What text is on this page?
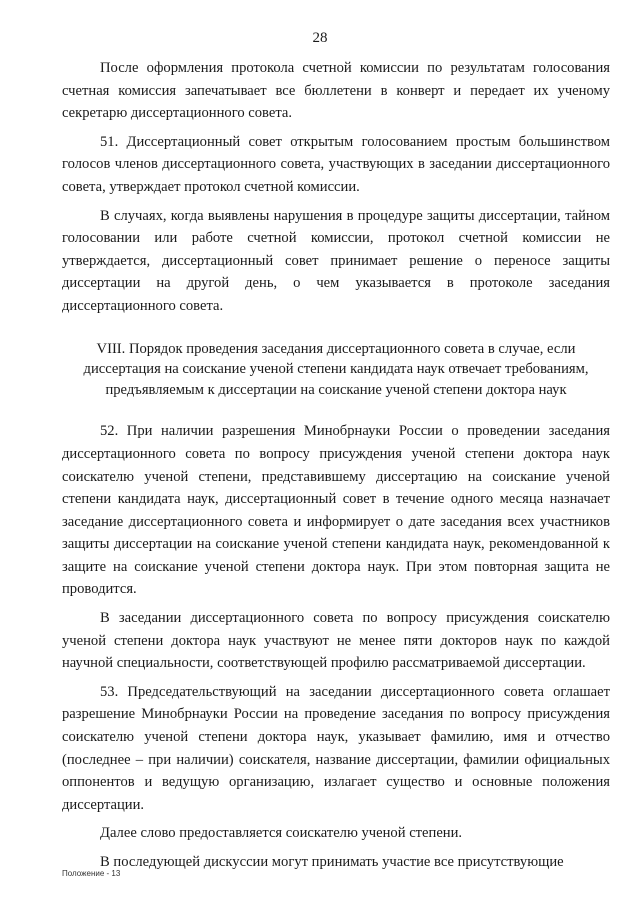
28

После оформления протокола счетной комиссии по результатам голосования счетная комиссия запечатывает все бюллетени в конверт и передает их ученому секретарю диссертационного совета.

51. Диссертационный совет открытым голосованием простым большинством голосов членов диссертационного совета, участвующих в заседании диссертационного совета, утверждает протокол счетной комиссии.

В случаях, когда выявлены нарушения в процедуре защиты диссертации, тайном голосовании или работе счетной комиссии, протокол счетной комиссии не утверждается, диссертационный совет принимает решение о переносе защиты диссертации на другой день, о чем указывается в протоколе заседания диссертационного совета.

VIII. Порядок проведения заседания диссертационного совета в случае, если
диссертация на соискание ученой степени кандидата наук отвечает требованиям,
предъявляемым к диссертации на соискание ученой степени доктора наук

52. При наличии разрешения Минобрнауки России о проведении заседания диссертационного совета по вопросу присуждения ученой степени доктора наук соискателю ученой степени, представившему диссертацию на соискание ученой степени кандидата наук, диссертационный совет в течение одного месяца назначает заседание диссертационного совета и информирует о дате заседания всех участников защиты диссертации на соискание ученой степени кандидата наук, рекомендованной к защите на соискание ученой степени доктора наук. При этом повторная защита не проводится.

В заседании диссертационного совета по вопросу присуждения соискателю ученой степени доктора наук участвуют не менее пяти докторов наук по каждой научной специальности, соответствующей профилю рассматриваемой диссертации.

53. Председательствующий на заседании диссертационного совета оглашает разрешение Минобрнауки России на проведение заседания по вопросу присуждения соискателю ученой степени доктора наук, указывает фамилию, имя и отчество (последнее – при наличии) соискателя, название диссертации, фамилии официальных оппонентов и ведущую организацию, излагает существо и основные положения диссертации.

Далее слово предоставляется соискателю ученой степени.

В последующей дискуссии могут принимать участие все присутствующие

Положение - 13
